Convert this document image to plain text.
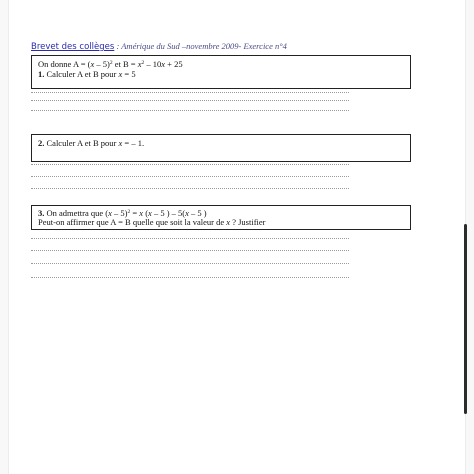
Brevet des collèges : Amérique du Sud –novembre 2009- Exercice n°4
On donne A = (x – 5)$^2$ et $B = x^2 - 10x + 25$
1. Calculer A et B pour x = 5
2. Calculer A et B pour x = – 1.
3. On admettra que (x – 5)$^2$ = x (x – 5 ) – 5(x – 5 )
Peut-on affirmer que A = B quelle que soit la valeur de x ? Justifier
